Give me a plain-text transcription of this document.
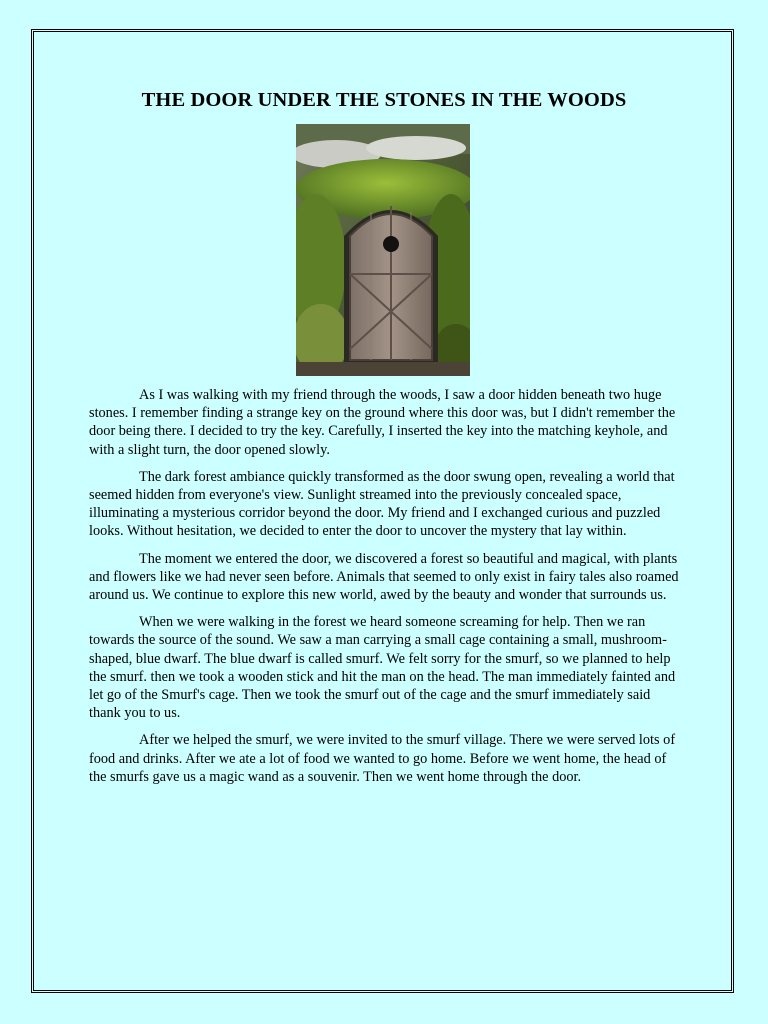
THE DOOR UNDER THE STONES IN THE WOODS

As I was walking with my friend through the woods, I saw a door hidden beneath two huge stones. I remember finding a strange key on the ground where this door was, but I didn't remember the door being there. I decided to try the key. Carefully, I inserted the key into the matching keyhole, and with a slight turn, the door opened slowly.

The dark forest ambiance quickly transformed as the door swung open, revealing a world that seemed hidden from everyone's view. Sunlight streamed into the previously concealed space, illuminating a mysterious corridor beyond the door. My friend and I exchanged curious and puzzled looks. Without hesitation, we decided to enter the door to uncover the mystery that lay within.

The moment we entered the door, we discovered a forest so beautiful and magical, with plants and flowers like we had never seen before. Animals that seemed to only exist in fairy tales also roamed around us. We continue to explore this new world, awed by the beauty and wonder that surrounds us.

When we were walking in the forest we heard someone screaming for help. Then we ran towards the source of the sound. We saw a man carrying a small cage containing a small, mushroom-shaped, blue dwarf. The blue dwarf is called smurf. We felt sorry for the smurf, so we planned to help the smurf. then we took a wooden stick and hit the man on the head. The man immediately fainted and let go of the Smurf's cage. Then we took the smurf out of the cage and the smurf immediately said thank you to us.

After we helped the smurf, we were invited to the smurf village. There we were served lots of food and drinks. After we ate a lot of food we wanted to go home. Before we went home, the head of the smurfs gave us a magic wand as a souvenir. Then we went home through the door.
